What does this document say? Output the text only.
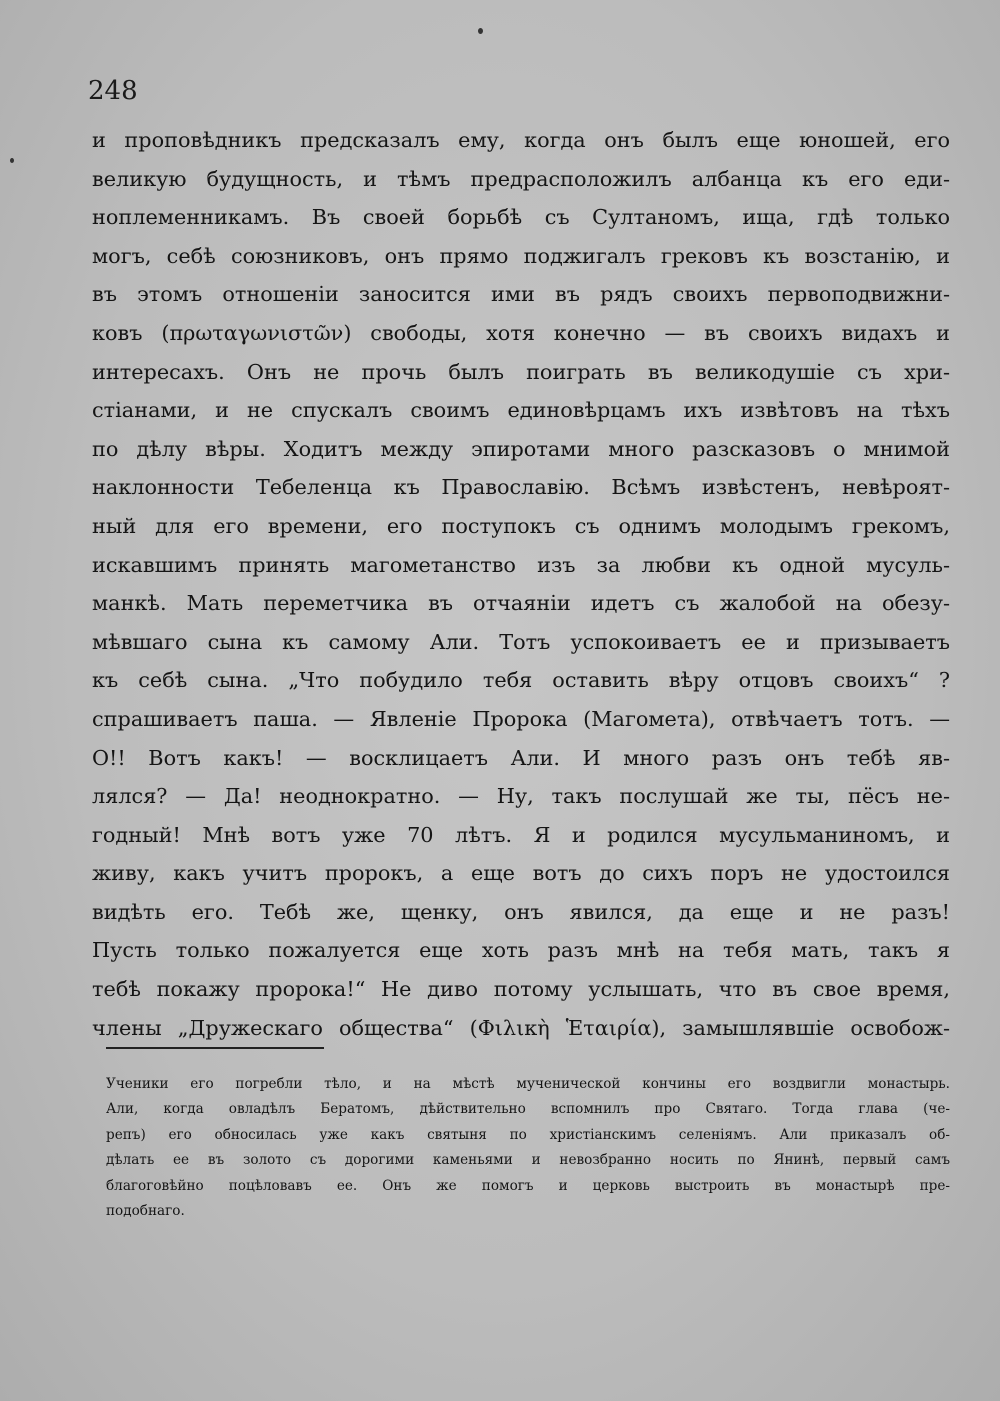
248
и проповѣдникъ предсказалъ ему, когда онъ былъ еще юношей, его
великую будущность, и тѣмъ предрасположилъ албанца къ его еди-
ноплеменникамъ. Въ своей борьбѣ съ Султаномъ, ища, гдѣ только
могъ, себѣ союзниковъ, онъ прямо поджигалъ грековъ къ возстанію, и
въ этомъ отношеніи заносится ими въ рядъ своихъ первоподвижни-
ковъ (πρωταγωνιστῶν) свободы, хотя конечно — въ своихъ видахъ и
интересахъ. Онъ не прочь былъ поиграть въ великодушіе съ хри-
стіанами, и не спускалъ своимъ единовѣрцамъ ихъ извѣтовъ на тѣхъ
по дѣлу вѣры. Ходитъ между эпиротами много разсказовъ о мнимой
наклонности Тебеленца къ Православію. Всѣмъ извѣстенъ, невѣроят-
ный для его времени, его поступокъ съ однимъ молодымъ грекомъ,
искавшимъ принять магометанство изъ за любви къ одной мусуль-
манкѣ. Мать переметчика въ отчаяніи идетъ съ жалобой на обезу-
мѣвшаго сына къ самому Али. Тотъ успокоиваетъ ее и призываетъ
къ себѣ сына. „Что побудило тебя оставить вѣру отцовъ своихъ“ ?
спрашиваетъ паша. — Явленіе Пророка (Магомета), отвѣчаетъ тотъ. —
О!! Вотъ какъ! — восклицаетъ Али. И много разъ онъ тебѣ яв-
лялся? — Да! неоднократно. — Ну, такъ послушай же ты, пёсъ не-
годный! Мнѣ вотъ уже 70 лѣтъ. Я и родился мусульманиномъ, и
живу, какъ учитъ пророкъ, а еще вотъ до сихъ поръ не удостоился
видѣть его. Тебѣ же, щенку, онъ явился, да еще и не разъ!
Пусть только пожалуется еще хоть разъ мнѣ на тебя мать, такъ я
тебѣ покажу пророка!“ Не диво потому услышать, что въ свое время,
члены „Дружескаго общества“ (Φιλικὴ Ἑταιρία), замышлявшіе освобож-
Ученики его погребли тѣло, и на мѣстѣ мученической кончины его воздвигли монастырь.
Али, когда овладѣлъ Бератомъ, дѣйствительно вспомнилъ про Святаго. Тогда глава (че-
репъ) его обносилась уже какъ святыня по христіанскимъ селеніямъ. Али приказалъ об-
дѣлать ее въ золото съ дорогими каменьями и невозбранно носить по Янинѣ, первый самъ
благоговѣйно поцѣловавъ ее. Онъ же помогъ и церковь выстроить въ монастырѣ пре-
подобнаго.
